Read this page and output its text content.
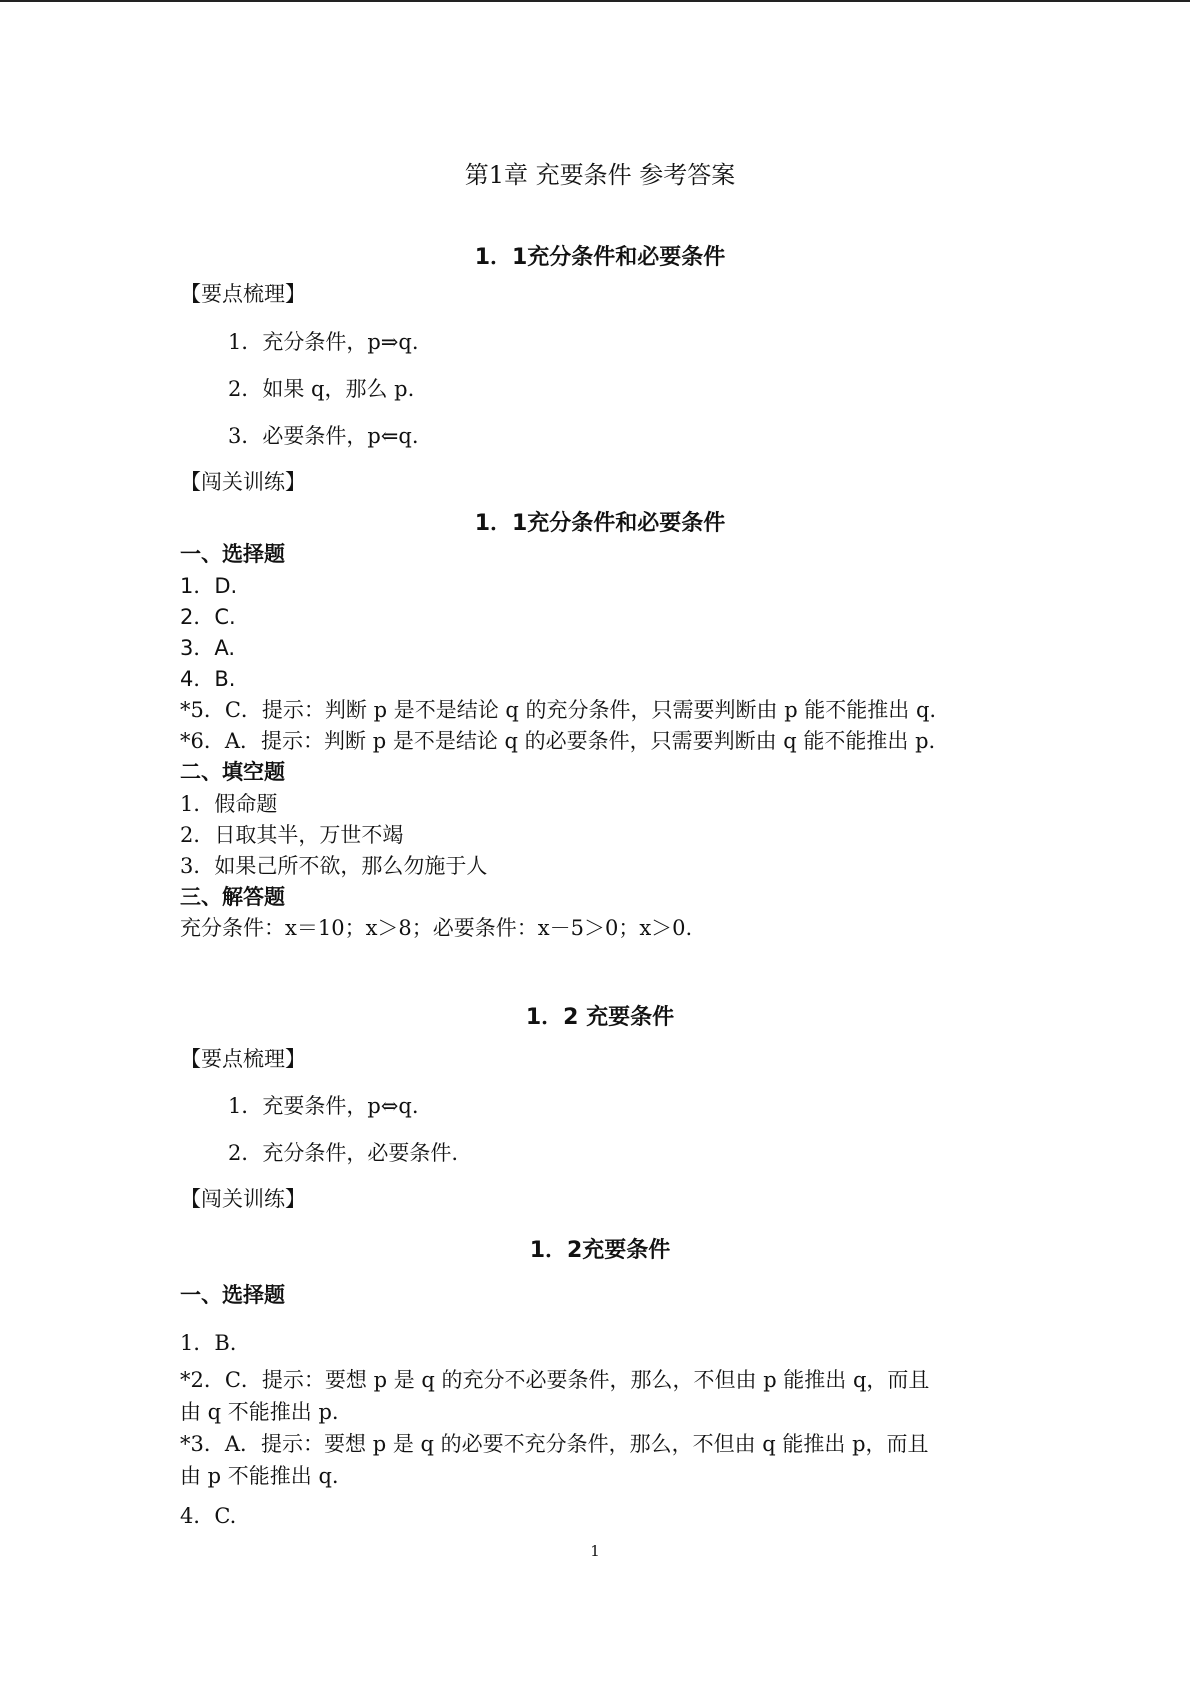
第1章 充要条件 参考答案
1．1充分条件和必要条件
【要点梳理】
1．充分条件，p⇒q.
2．如果 q，那么 p.
3．必要条件，p⇐q.
【闯关训练】
1．1充分条件和必要条件
一、选择题
1．D.
2．C.
3．A.
4．B.
*5．C．提示：判断 p 是不是结论 q 的充分条件，只需要判断由 p 能不能推出 q.
*6．A．提示：判断 p 是不是结论 q 的必要条件，只需要判断由 q 能不能推出 p.
二、填空题
1．假命题
2．日取其半，万世不竭
3．如果己所不欲，那么勿施于人
三、解答题
充分条件：x＝10；x＞8；必要条件：x－5＞0；x＞0.
1．2 充要条件
【要点梳理】
1．充要条件，p⇔q.
2．充分条件，必要条件.
【闯关训练】
1．2充要条件
一、选择题
1．B.
*2．C．提示：要想 p 是 q 的充分不必要条件，那么，不但由 p 能推出 q，而且
由 q 不能推出 p.
*3．A．提示：要想 p 是 q 的必要不充分条件，那么，不但由 q 能推出 p，而且
由 p 不能推出 q.
4．C.
1
